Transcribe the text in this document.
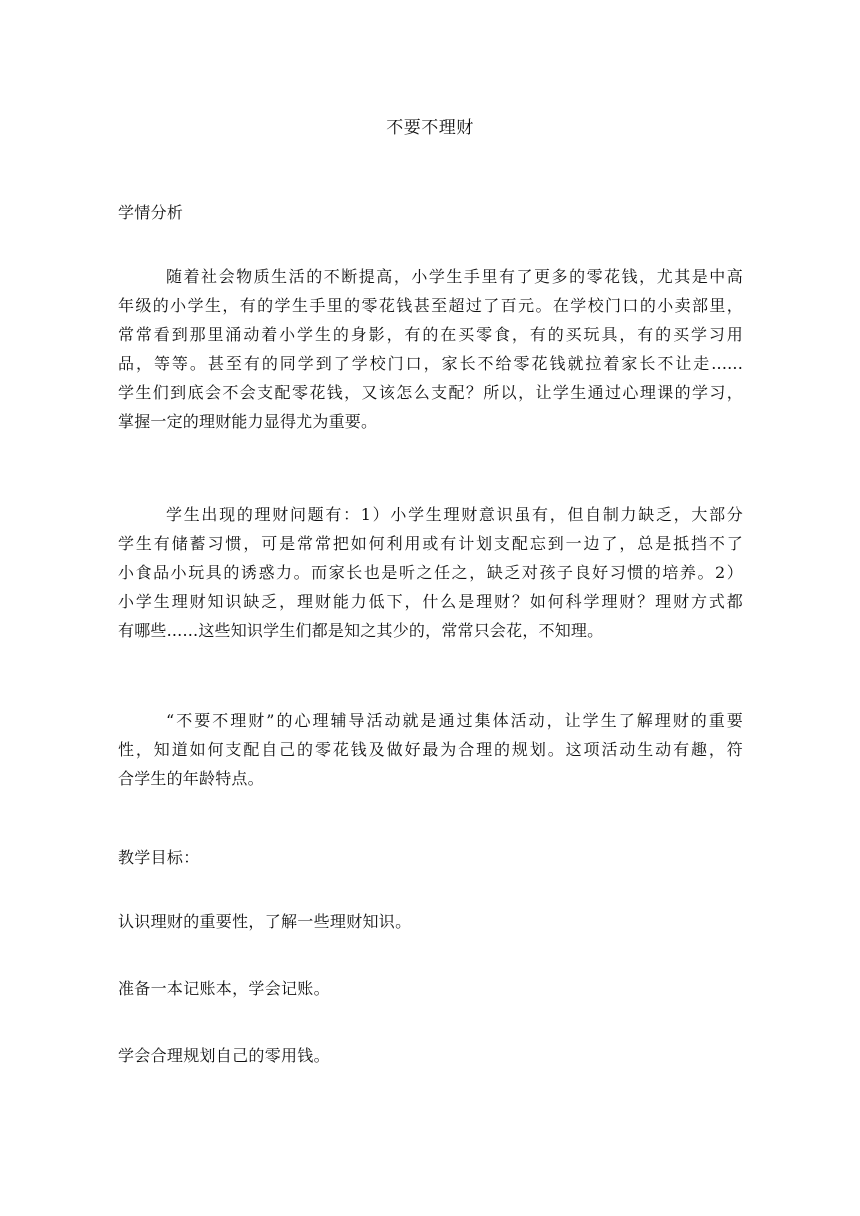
不要不理财
学情分析
随着社会物质生活的不断提高，小学生手里有了更多的零花钱，尤其是中高
年级的小学生，有的学生手里的零花钱甚至超过了百元。在学校门口的小卖部里，
常常看到那里涌动着小学生的身影，有的在买零食，有的买玩具，有的买学习用
品，等等。甚至有的同学到了学校门口，家长不给零花钱就拉着家长不让走......
学生们到底会不会支配零花钱，又该怎么支配？所以，让学生通过心理课的学习，
掌握一定的理财能力显得尤为重要。
学生出现的理财问题有：1）小学生理财意识虽有，但自制力缺乏，大部分
学生有储蓄习惯，可是常常把如何利用或有计划支配忘到一边了，总是抵挡不了
小食品小玩具的诱惑力。而家长也是听之任之，缺乏对孩子良好习惯的培养。2）
小学生理财知识缺乏，理财能力低下，什么是理财？如何科学理财？理财方式都
有哪些......这些知识学生们都是知之其少的，常常只会花，不知理。
“不要不理财”的心理辅导活动就是通过集体活动，让学生了解理财的重要
性，知道如何支配自己的零花钱及做好最为合理的规划。这项活动生动有趣，符
合学生的年龄特点。
教学目标：
认识理财的重要性，了解一些理财知识。
准备一本记账本，学会记账。
学会合理规划自己的零用钱。
